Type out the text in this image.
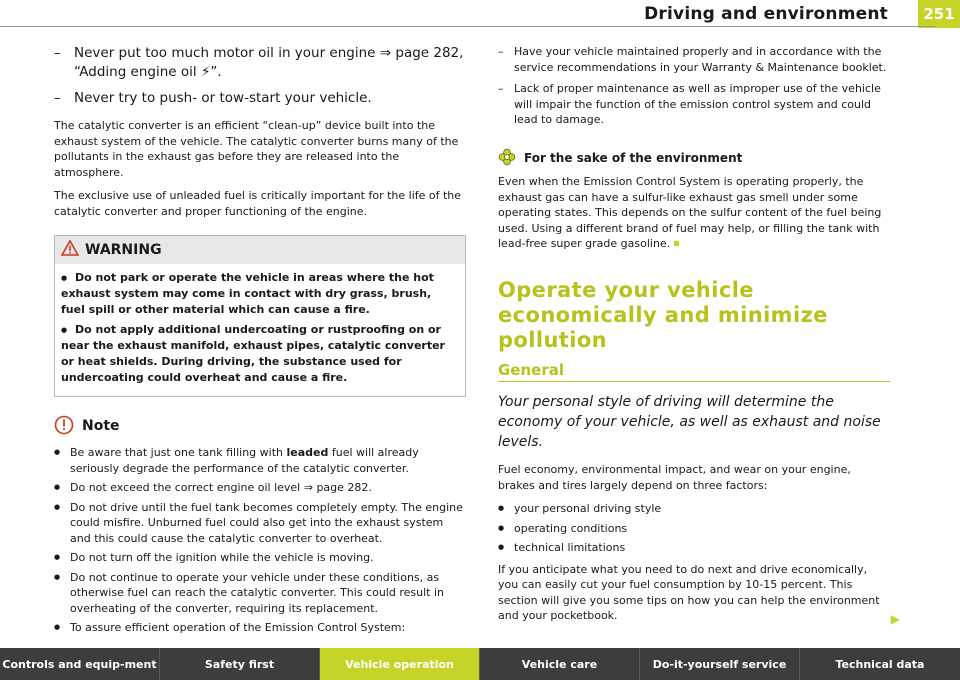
Driving and environment	251
– Never put too much motor oil in your engine ⇒ page 282, “Adding engine oil ⚡”.
– Never try to push- or tow-start your vehicle.

The catalytic converter is an efficient “clean-up” device built into the exhaust system of the vehicle. The catalytic converter burns many of the pollutants in the exhaust gas before they are released into the atmosphere.

The exclusive use of unleaded fuel is critically important for the life of the catalytic converter and proper functioning of the engine.

WARNING
● Do not park or operate the vehicle in areas where the hot exhaust system may come in contact with dry grass, brush, fuel spill or other material which can cause a fire.
● Do not apply additional undercoating or rustproofing on or near the exhaust manifold, exhaust pipes, catalytic converter or heat shields. During driving, the substance used for undercoating could overheat and cause a fire.
Note
● Be aware that just one tank filling with leaded fuel will already seriously degrade the performance of the catalytic converter.
● Do not exceed the correct engine oil level ⇒ page 282.
● Do not drive until the fuel tank becomes completely empty. The engine could misfire. Unburned fuel could also get into the exhaust system and this could cause the catalytic converter to overheat.
● Do not turn off the ignition while the vehicle is moving.
● Do not continue to operate your vehicle under these conditions, as otherwise fuel can reach the catalytic converter. This could result in overheating of the converter, requiring its replacement.
● To assure efficient operation of the Emission Control System:
– Have your vehicle maintained properly and in accordance with the service recommendations in your Warranty & Maintenance booklet.
– Lack of proper maintenance as well as improper use of the vehicle will impair the function of the emission control system and could lead to damage.
For the sake of the environment

Even when the Emission Control System is operating properly, the exhaust gas can have a sulfur-like exhaust gas smell under some operating states. This depends on the sulfur content of the fuel being used. Using a different brand of fuel may help, or filling the tank with lead-free super grade gasoline.

Operate your vehicle economically and minimize pollution
General
Your personal style of driving will determine the economy of your vehicle, as well as exhaust and noise levels.

Fuel economy, environmental impact, and wear on your engine, brakes and tires largely depend on three factors:

● your personal driving style
● operating conditions
● technical limitations

If you anticipate what you need to do next and drive economically, you can easily cut your fuel consumption by 10-15 percent. This section will give you some tips on how you can help the environment and your pocketbook.	▶
Controls and equip-ment	Safety first	Vehicle operation	Vehicle care	Do-it-yourself service	Technical data
